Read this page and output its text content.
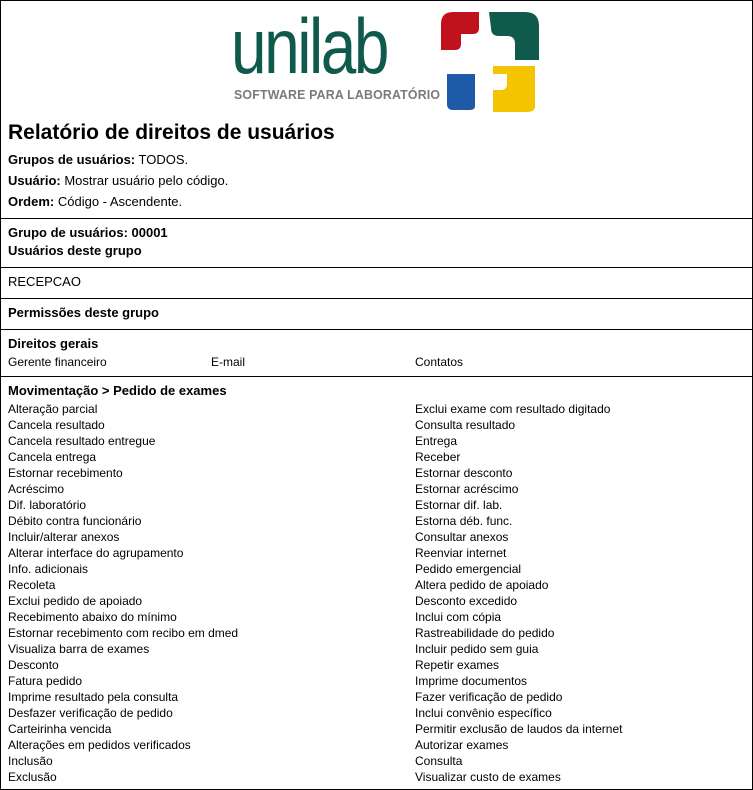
unilab
SOFTWARE PARA LABORATÓRIO
Relatório de direitos de usuários
Grupos de usuários: TODOS.
Usuário: Mostrar usuário pelo código.
Ordem: Código - Ascendente.
Grupo de usuários: 00001
Usuários deste grupo
RECEPCAO
Permissões deste grupo
Direitos gerais
Gerente financeiro	E-mail	Contatos
Movimentação > Pedido de exames
Alteração parcial	Exclui exame com resultado digitado
Cancela resultado	Consulta resultado
Cancela resultado entregue	Entrega
Cancela entrega	Receber
Estornar recebimento	Estornar desconto
Acréscimo	Estornar acréscimo
Dif. laboratório	Estornar dif. lab.
Débito contra funcionário	Estorna déb. func.
Incluir/alterar anexos	Consultar anexos
Alterar interface do agrupamento	Reenviar internet
Info. adicionais	Pedido emergencial
Recoleta	Altera pedido de apoiado
Exclui pedido de apoiado	Desconto excedido
Recebimento abaixo do mínimo	Inclui com cópia
Estornar recebimento com recibo em dmed	Rastreabilidade do pedido
Visualiza barra de exames	Incluir pedido sem guia
Desconto	Repetir exames
Fatura pedido	Imprime documentos
Imprime resultado pela consulta	Fazer verificação de pedido
Desfazer verificação de pedido	Inclui convênio específico
Carteirinha vencida	Permitir exclusão de laudos da internet
Alterações em pedidos verificados	Autorizar exames
Inclusão	Consulta
Exclusão	Visualizar custo de exames
